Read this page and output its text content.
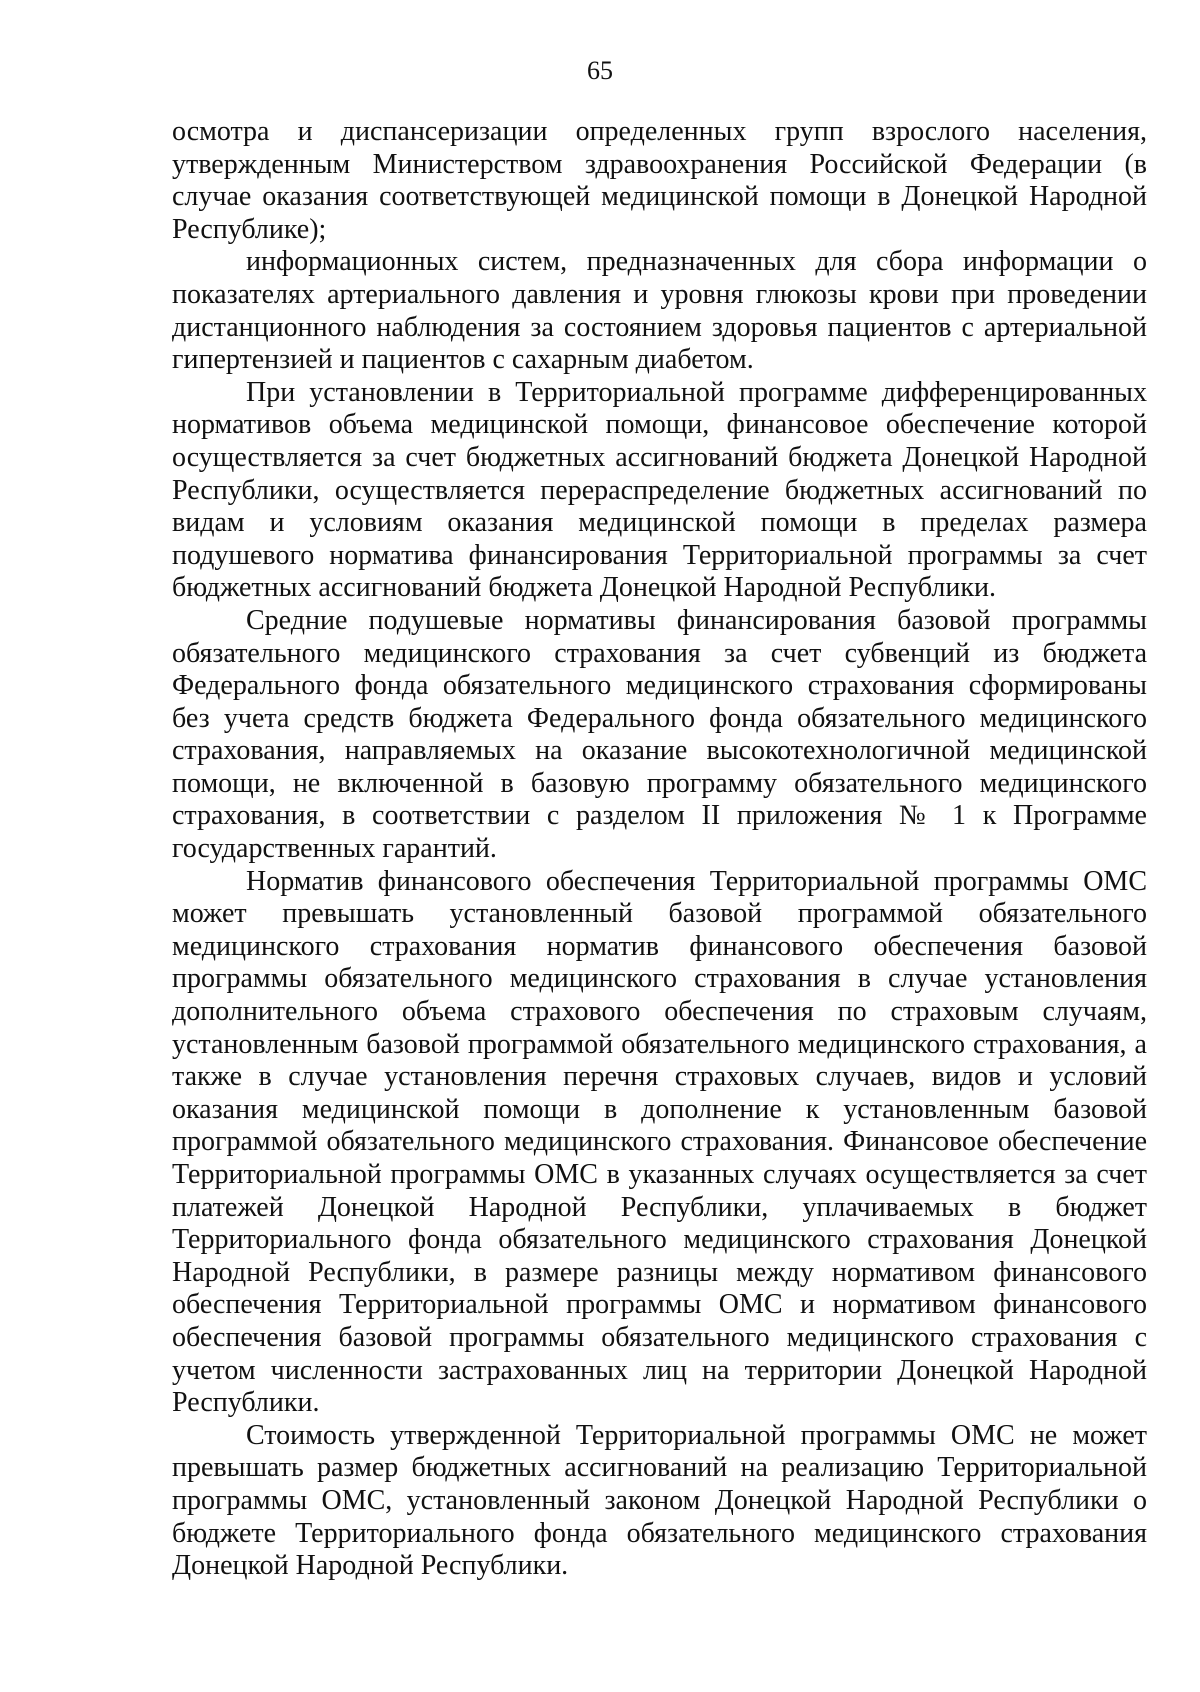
65

осмотра и диспансеризации определенных групп взрослого населения, утвержденным Министерством здравоохранения Российской Федерации (в случае оказания соответствующей медицинской помощи в Донецкой Народной Республике);

информационных систем, предназначенных для сбора информации о показателях артериального давления и уровня глюкозы крови при проведении дистанционного наблюдения за состоянием здоровья пациентов с артериальной гипертензией и пациентов с сахарным диабетом.

При установлении в Территориальной программе дифференцированных нормативов объема медицинской помощи, финансовое обеспечение которой осуществляется за счет бюджетных ассигнований бюджета Донецкой Народной Республики, осуществляется перераспределение бюджетных ассигнований по видам и условиям оказания медицинской помощи в пределах размера подушевого норматива финансирования Территориальной программы за счет бюджетных ассигнований бюджета Донецкой Народной Республики.

Средние подушевые нормативы финансирования базовой программы обязательного медицинского страхования за счет субвенций из бюджета Федерального фонда обязательного медицинского страхования сформированы без учета средств бюджета Федерального фонда обязательного медицинского страхования, направляемых на оказание высокотехнологичной медицинской помощи, не включенной в базовую программу обязательного медицинского страхования, в соответствии с разделом II приложения № 1 к Программе государственных гарантий.

Норматив финансового обеспечения Территориальной программы ОМС может превышать установленный базовой программой обязательного медицинского страхования норматив финансового обеспечения базовой программы обязательного медицинского страхования в случае установления дополнительного объема страхового обеспечения по страховым случаям, установленным базовой программой обязательного медицинского страхования, а также в случае установления перечня страховых случаев, видов и условий оказания медицинской помощи в дополнение к установленным базовой программой обязательного медицинского страхования. Финансовое обеспечение Территориальной программы ОМС в указанных случаях осуществляется за счет платежей Донецкой Народной Республики, уплачиваемых в бюджет Территориального фонда обязательного медицинского страхования Донецкой Народной Республики, в размере разницы между нормативом финансового обеспечения Территориальной программы ОМС и нормативом финансового обеспечения базовой программы обязательного медицинского страхования с учетом численности застрахованных лиц на территории Донецкой Народной Республики.

Стоимость утвержденной Территориальной программы ОМС не может превышать размер бюджетных ассигнований на реализацию Территориальной программы ОМС, установленный законом Донецкой Народной Республики о бюджете Территориального фонда обязательного медицинского страхования Донецкой Народной Республики.
